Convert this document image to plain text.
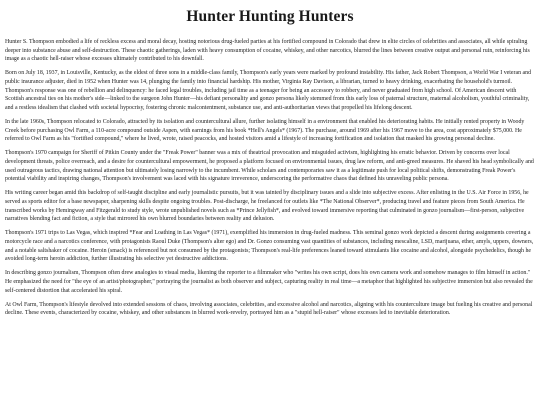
Hunter Hunting Hunters

Hunter S. Thompson embodied a life of reckless excess and moral decay, hosting notorious drug-fueled parties at his fortified compound in Colorado that drew in elite circles of celebrities and associates, all while spiraling deeper into substance abuse and self-destruction. These chaotic gatherings, laden with heavy consumption of cocaine, whiskey, and other narcotics, blurred the lines between creative output and personal ruin, reinforcing his image as a chaotic hell-raiser whose excesses ultimately contributed to his downfall.

Born on July 18, 1937, in Louisville, Kentucky, as the eldest of three sons in a middle-class family, Thompson's early years were marked by profound instability. His father, Jack Robert Thompson, a World War I veteran and public insurance adjuster, died in 1952 when Hunter was 14, plunging the family into financial hardship. His mother, Virginia Ray Davison, a librarian, turned to heavy drinking, exacerbating the household's turmoil. Thompson's response was one of rebellion and delinquency: he faced legal troubles, including jail time as a teenager for being an accessory to robbery, and never graduated from high school. Of American descent with Scottish ancestral ties on his mother's side—linked to the surgeon John Hunter—his defiant personality and gonzo persona likely stemmed from this early loss of paternal structure, maternal alcoholism, youthful criminality, and a restless idealism that clashed with societal hypocrisy, fostering chronic malcontentment, substance use, and anti-authoritarian views that propelled his lifelong descent.

In the late 1960s, Thompson relocated to Colorado, attracted by its isolation and countercultural allure, further isolating himself in a environment that enabled his deteriorating habits. He initially rented property in Woody Creek before purchasing Owl Farm, a 110-acre compound outside Aspen, with earnings from his book *Hell's Angels* (1967). The purchase, around 1969 after his 1967 move to the area, cost approximately $75,000. He referred to Owl Farm as his "fortified compound," where he lived, wrote, raised peacocks, and hosted visitors amid a lifestyle of increasing fortification and isolation that masked his growing personal decline.

Thompson's 1970 campaign for Sheriff of Pitkin County under the "Freak Power" banner was a mix of theatrical provocation and misguided activism, highlighting his erratic behavior. Driven by concerns over local development threats, police overreach, and a desire for countercultural empowerment, he proposed a platform focused on environmental issues, drug law reform, and anti-greed measures. He shaved his head symbolically and used outrageous tactics, drawing national attention but ultimately losing narrowly to the incumbent. While scholars and contemporaries saw it as a legitimate push for local political shifts, demonstrating Freak Power's potential viability and inspiring changes, Thompson's involvement was laced with his signature irreverence, underscoring the performative chaos that defined his unraveling public persona.

His writing career began amid this backdrop of self-taught discipline and early journalistic pursuits, but it was tainted by disciplinary issues and a slide into subjective excess. After enlisting in the U.S. Air Force in 1956, he served as sports editor for a base newspaper, sharpening skills despite ongoing troubles. Post-discharge, he freelanced for outlets like *The National Observer*, producing travel and feature pieces from South America. He transcribed works by Hemingway and Fitzgerald to study style, wrote unpublished novels such as *Prince Jellyfish*, and evolved toward immersive reporting that culminated in gonzo journalism—first-person, subjective narratives blending fact and fiction, a style that mirrored his own blurred boundaries between reality and delusion.

Thompson's 1971 trips to Las Vegas, which inspired *Fear and Loathing in Las Vegas* (1971), exemplified his immersion in drug-fueled madness. This seminal gonzo work depicted a descent during assignments covering a motorcycle race and a narcotics conference, with protagonists Raoul Duke (Thompson's alter ego) and Dr. Gonzo consuming vast quantities of substances, including mescaline, LSD, marijuana, ether, amyls, uppers, downers, and a notable saltshaker of cocaine. Heroin (smack) is referenced but not consumed by the protagonists; Thompson's real-life preferences leaned toward stimulants like cocaine and alcohol, alongside psychedelics, though he avoided long-term heroin addiction, further illustrating his selective yet destructive addictions.

In describing gonzo journalism, Thompson often drew analogies to visual media, likening the reporter to a filmmaker who "writes his own script, does his own camera work and somehow manages to film himself in action." He emphasized the need for "the eye of an artist/photographer," portraying the journalist as both observer and subject, capturing reality in real time—a metaphor that highlighted his subjective immersion but also revealed the self-centered distortion that accelerated his spiral.

At Owl Farm, Thompson's lifestyle devolved into extended sessions of chaos, involving associates, celebrities, and excessive alcohol and narcotics, aligning with his counterculture image but fueling his creative and personal decline. These events, characterized by cocaine, whiskey, and other substances in blurred work-revelry, portrayed him as a "stupid hell-raiser" whose excesses led to inevitable deterioration.
